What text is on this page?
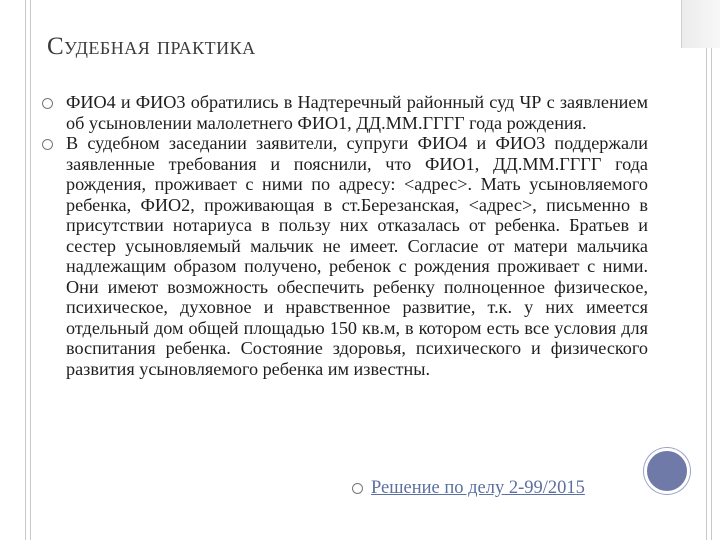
Судебная практика
ФИО4 и ФИО3 обратились в Надтеречный районный суд ЧР с заявлением об усыновлении малолетнего ФИО1, ДД.ММ.ГГГГ года рождения.
В судебном заседании заявители, супруги ФИО4 и ФИО3 поддержали заявленные требования и пояснили, что ФИО1, ДД.ММ.ГГГГ года рождения, проживает с ними по адресу: <адрес>. Мать усыновляемого ребенка, ФИО2, проживающая в ст.Березанская, <адрес>, письменно в присутствии нотариуса в пользу них отказалась от ребенка. Братьев и сестер усыновляемый мальчик не имеет. Согласие от матери мальчика надлежащим образом получено, ребенок с рождения проживает с ними. Они имеют возможность обеспечить ребенку полноценное физическое, психическое, духовное и нравственное развитие, т.к. у них имеется отдельный дом общей площадью 150 кв.м, в котором есть все условия для воспитания ребенка. Состояние здоровья, психического и физического развития усыновляемого ребенка им известны.
Решение по делу 2-99/2015
